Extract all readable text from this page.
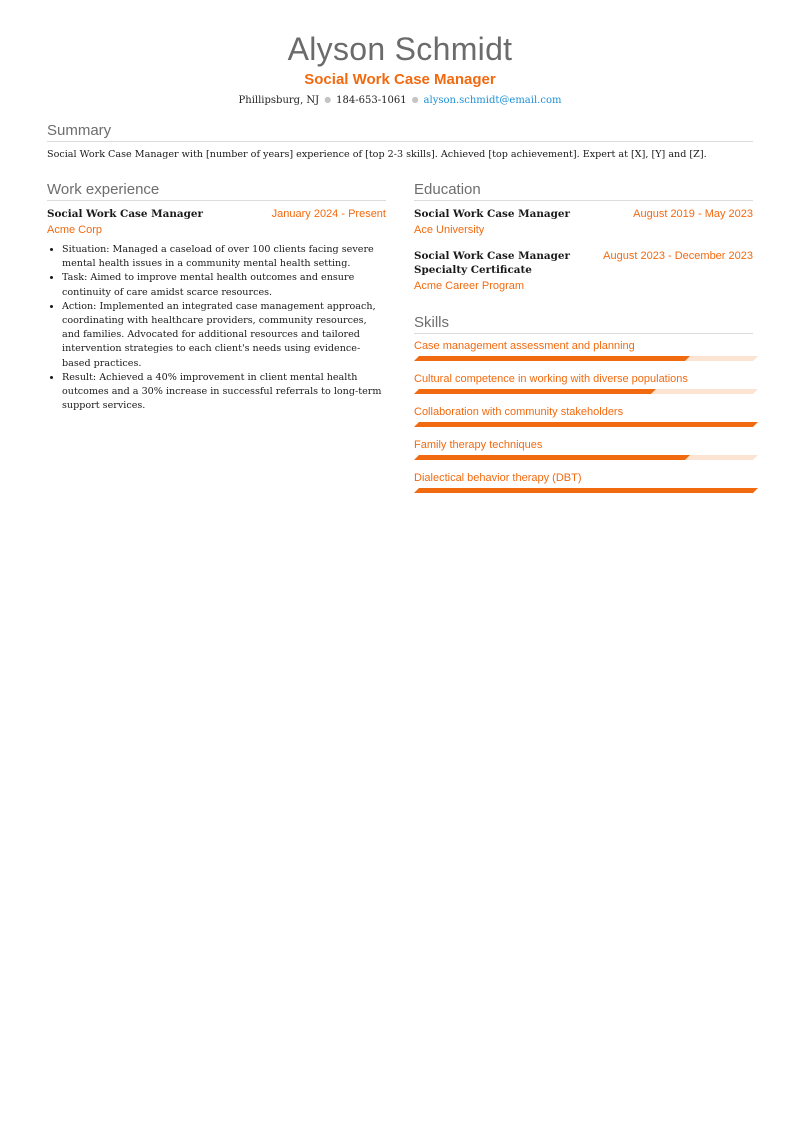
Alyson Schmidt
Social Work Case Manager
Phillipsburg, NJ ● 184-653-1061 ● alyson.schmidt@email.com
Summary

Social Work Case Manager with [number of years] experience of [top 2-3 skills]. Achieved [top achievement]. Expert at [X], [Y] and [Z].

Work experience
Social Work Case Manager	January 2024 - Present
Acme Corp
• Situation: Managed a caseload of over 100 clients facing severe mental health issues in a community mental health setting.
• Task: Aimed to improve mental health outcomes and ensure continuity of care amidst scarce resources.
• Action: Implemented an integrated case management approach, coordinating with healthcare providers, community resources, and families. Advocated for additional resources and tailored intervention strategies to each client's needs using evidence-based practices.
• Result: Achieved a 40% improvement in client mental health outcomes and a 30% increase in successful referrals to long-term support services.
Education
Social Work Case Manager	August 2019 - May 2023
Ace University
Social Work Case Manager Specialty Certificate
August 2023 - December 2023
Acme Career Program
Skills
Case management assessment and planning
Cultural competence in working with diverse populations
Collaboration with community stakeholders
Family therapy techniques
Dialectical behavior therapy (DBT)
